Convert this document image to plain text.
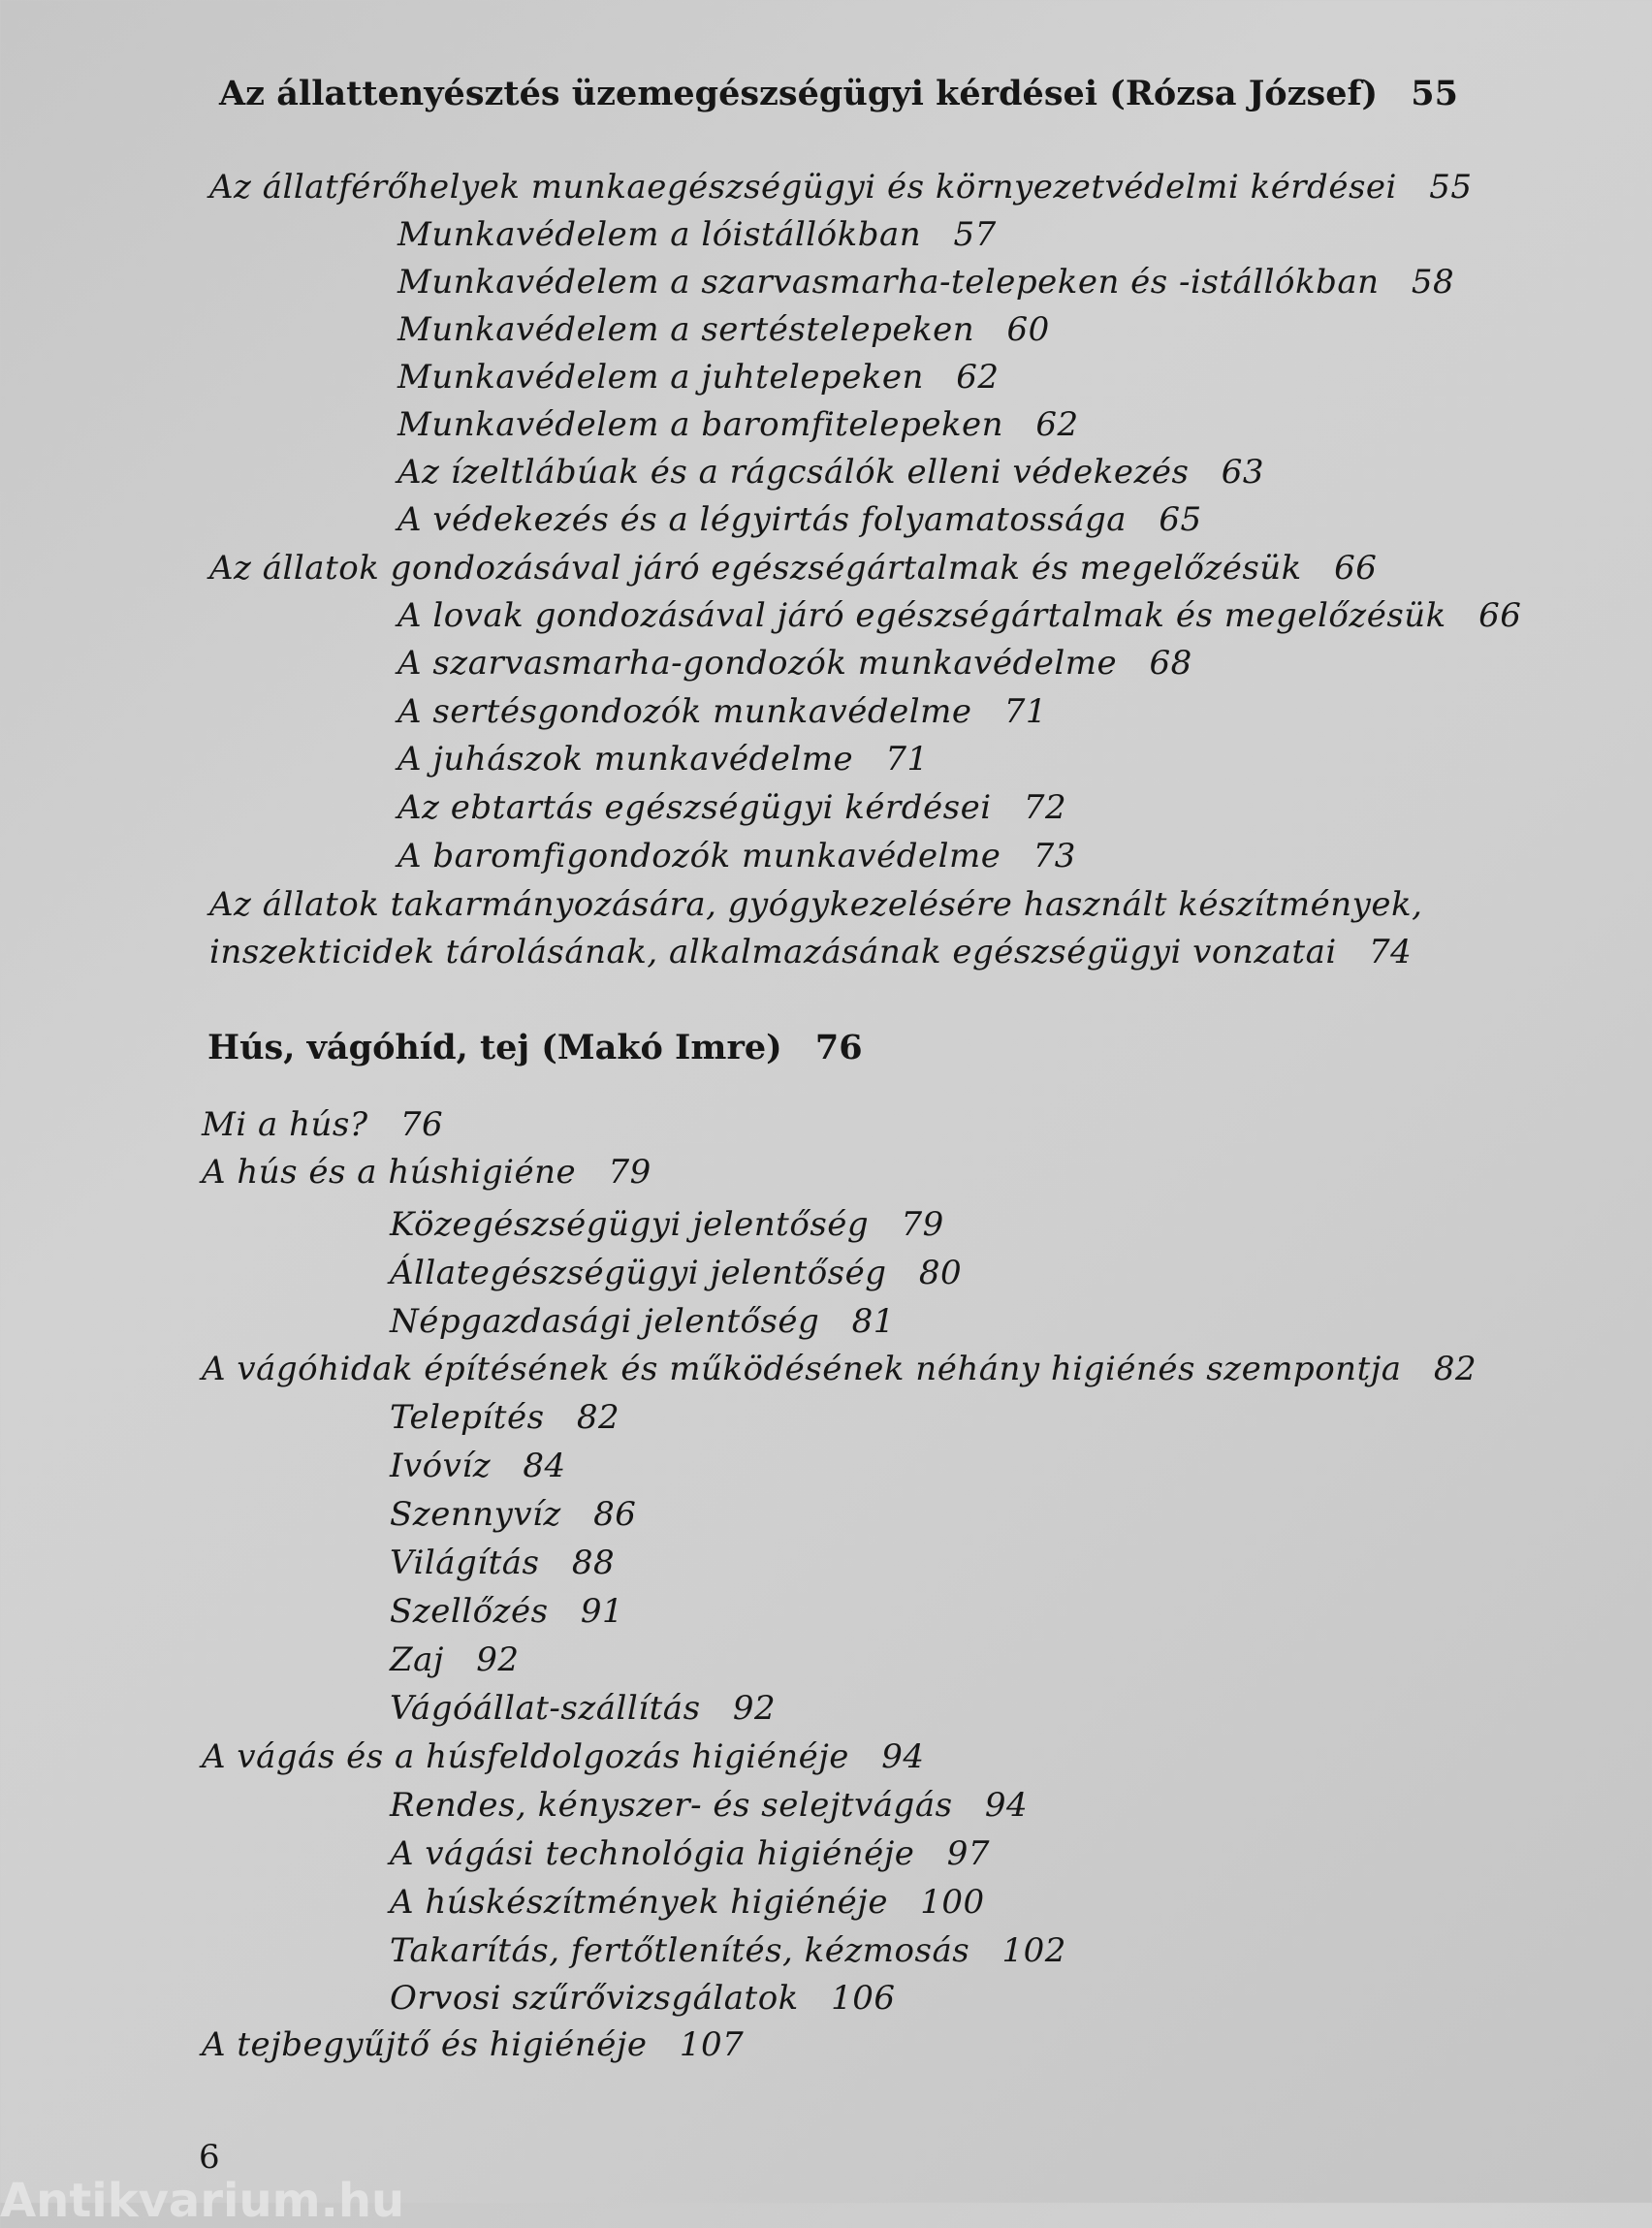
Az állattenyésztés üzemegészségügyi kérdései (Rózsa József) 55
Az állatférőhelyek munkaegészségügyi és környezetvédelmi kérdései 55
Munkavédelem a lóistállókban 57
Munkavédelem a szarvasmarha-telepeken és -istállókban 58
Munkavédelem a sertéstelepeken 60
Munkavédelem a juhtelepeken 62
Munkavédelem a baromfitelepeken 62
Az ízeltlábúak és a rágcsálók elleni védekezés 63
A védekezés és a légyirtás folyamatossága 65
Az állatok gondozásával járó egészségártalmak és megelőzésük 66
A lovak gondozásával járó egészségártalmak és megelőzésük 66
A szarvasmarha-gondozók munkavédelme 68
A sertésgondozók munkavédelme 71
A juhászok munkavédelme 71
Az ebtartás egészségügyi kérdései 72
A baromfigondozók munkavédelme 73
Az állatok takarmányozására, gyógykezelésére használt készítmények,
inszekticidek tárolásának, alkalmazásának egészségügyi vonzatai 74
Hús, vágóhíd, tej (Makó Imre) 76
Mi a hús? 76
A hús és a húshigiéne 79
Közegészségügyi jelentőség 79
Állategészségügyi jelentőség 80
Népgazdasági jelentőség 81
A vágóhidak építésének és működésének néhány higiénés szempontja 82
Telepítés 82
Ivóvíz 84
Szennyvíz 86
Világítás 88
Szellőzés 91
Zaj 92
Vágóállat-szállítás 92
A vágás és a húsfeldolgozás higiénéje 94
Rendes, kényszer- és selejtvágás 94
A vágási technológia higiénéje 97
A húskészítmények higiénéje 100
Takarítás, fertőtlenítés, kézmosás 102
Orvosi szűrővizsgálatok 106
A tejbegyűjtő és higiénéje 107
6
Antikvarium.hu
